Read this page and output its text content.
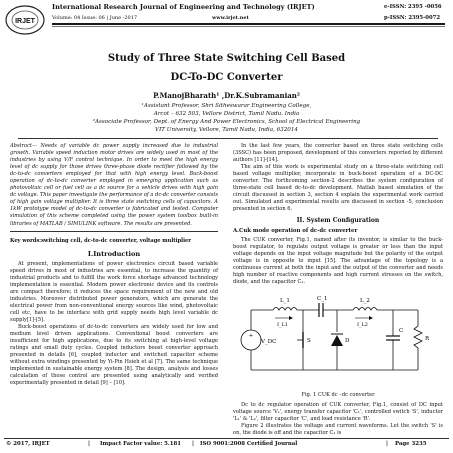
IRJET
International Research Journal of Engineering and Technology (IRJET)
Volume: 04 Issue: 06 | June -2017	www.irjet.net
e-ISSN: 2395 -0056
p-ISSN: 2395-0072
Study of Three State Switching Cell Based
DC-To-DC Converter
P.ManojBharath¹ ,Dr.K.Subramanian²
¹Assistant Professor, Shri Sitheswarar Engineering College,
Arcot – 632 503, Vellore District, Tamil Nadu. India
²Associate Professor, Dept. of Energy And Power Electronics, School of Electrical Engineering
VIT University, Vellore, Tamil Nadu, India, 632014

Abstract— Needs of variable dc power supply increased due to industrial growth. Variable speed induction motor drives are widely used in most of the industries by using V/F control technique. In order to meet the high energy level of dc supply for those drives three-phase diode rectifier followed by the dc-to-dc converters employed for that with high energy level. Buck-boost operation of dc-to-dc converter employed in emerging application such as photovoltaic cell or fuel cell as a dc source for a vehicle drives with high gain dc voltage. This paper investigate the performance of a dc-dc converter consists of high gain voltage multiplier. It is three state switching cells of capacitors. A 1kW prototype model of dc-to-dc converter is fabricated and tested. Computer simulation of this scheme completed using the power system toolbox built-in libraries of MATLAB / SIMULINK software. The results are presented.

Key words:switching cell, dc-to-dc converter, voltage multiplier

I.Introduction

At present, implementations of power electronics circuit based variable speed drives in most of industries are essential, to increase the quantity of industrial products and to fulfill the work force shortage advanced technology implementation is essential. Modern power electronic device and its controls are compact therefore; it reduces the space requirement of the new and old industries. Moreover distributed power generators, which are generate the electrical power from non-conventional energy sources like wind, photovoltaic cell etc, have to be interface with grid supply needs high level variable dc supply[1]-[5].

Buck-boost operations of dc-to-dc converters are widely used for low and medium level driven applications. Conventional boost converters are insufficient for high applications, due to its switching at high-level voltage ratings and small duty cycles. Coupled inductors boost converter approach presented in details [6], coupled inductor and switched capacitor scheme without extra windings presented by Yi-Pin Hsieh et al [7]. The same technique implemented in sustainable energy system [8]. The design, analysis and losses calculation of those control are presented using analytically and verified experimentally presented in detail [9] – [10].

In the last few years, the converter based on three state switching cells (3SSC) has been proposed, development of this converters reported by different authors [11]-[14].

The aim of this work is experimental study on a three-state switching cell based voltage multiplier, incorporate in buck-boost operation of a DC-DC converter. The forthcoming section-2 describes the system configuration of three-state cell based dc-to-dc development. Matlab based simulation of the circuit discussed in section 3, section 4 explain the experimental work carried out. Simulated and experimental results are discussed in section -5, conclusion presented in section 6.

II. System Configuration

A.Cuk mode operation of dc-dc converter

The CUK converter, Fig.1, named after its inventor, is similar to the buck-boost regulator, to regulate output voltage is greater or less than the input voltage depends on the input voltage magnitude but the polarity of the output voltage is in opposite to input [15]. The advantage of the topology is a continuous current at both the input and the output of the converter and needs high number of reactive components and high current stresses on the switch, diode, and the capacitor C₁.

+
V_DC
L_1	C_1	L_2
S	D
C
R
I_L1	I_L2

Fig. 1 CUK dc –dc converter

Dc to dc regulator operation of CUK converter, Fig.1, consist of DC input voltage source 'Vₛ', energy transfer capacitor 'C₁', controlled switch 'S', inductor 'L₁' & 'L₂', filter capacitor 'C', and load resistance 'R'.

Figure 2 illustrates the voltage and current waveforms. Let the switch 'S' is on, the diode is off and the capacitor C₁ is

© 2017, IRJET	| Impact Factor value: 5.181 | ISO 9001:2008 Certified Journal	| Page 3235
